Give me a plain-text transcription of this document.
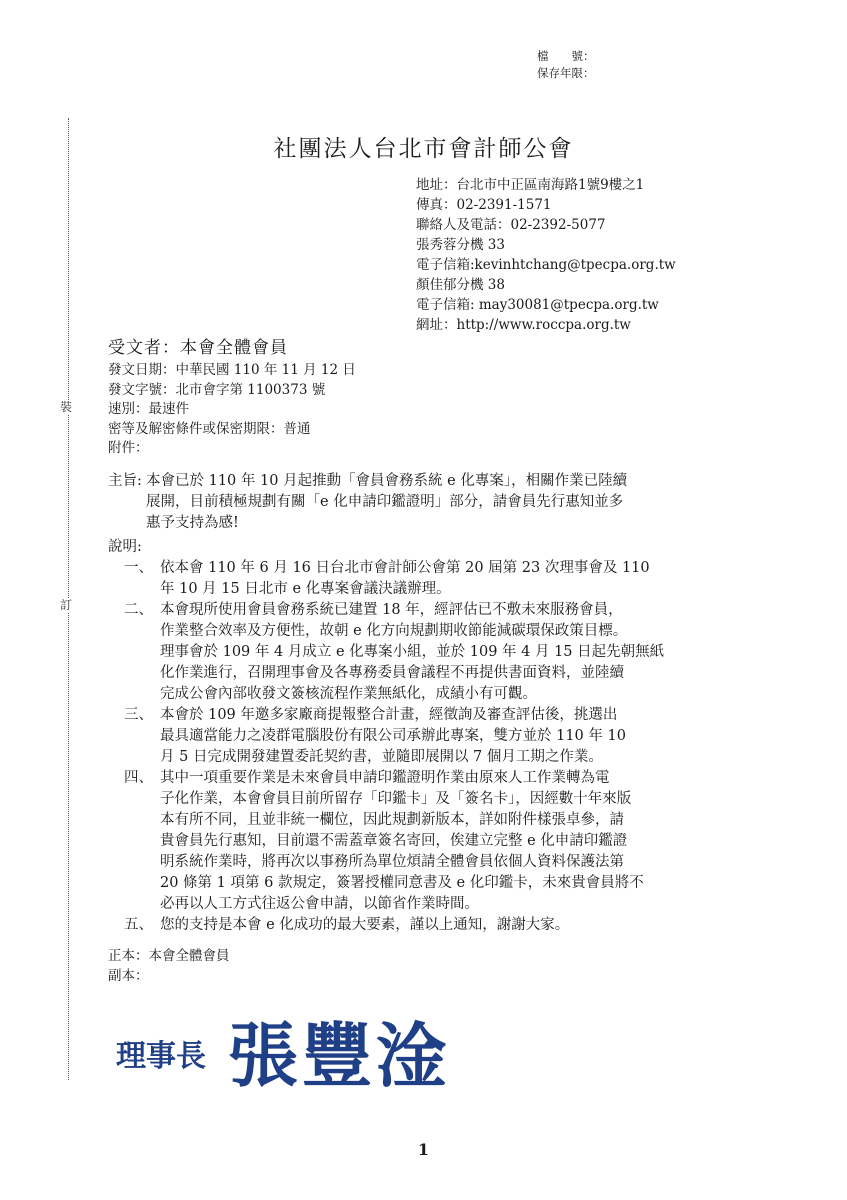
裝
訂
檔　　號：
保存年限：
社團法人台北市會計師公會
地址：台北市中正區南海路1號9樓之1
傳真：02-2391-1571
聯絡人及電話：02-2392-5077
張秀蓉分機 33
電子信箱:kevinhtchang@tpecpa.org.tw
顏佳郁分機 38
電子信箱: may30081@tpecpa.org.tw
網址：http://www.roccpa.org.tw
受文者：本會全體會員
發文日期：中華民國 110 年 11 月 12 日
發文字號：北市會字第 1100373 號
速別：最速件
密等及解密條件或保密期限：普通
附件：
主旨: 本會已於 110 年 10 月起推動「會員會務系統 e 化專案」，相關作業已陸續

展開，目前積極規劃有關「e 化申請印鑑證明」部分，請會員先行惠知並多

惠予支持為感!

說明:
一、 依本會 110 年 6 月 16 日台北市會計師公會第 20 屆第 23 次理事會及 110

年 10 月 15 日北市 e 化專案會議決議辦理。

二、 本會現所使用會員會務系統已建置 18 年，經評估已不敷未來服務會員，

作業整合效率及方便性，故朝 e 化方向規劃期收節能減碳環保政策目標。

理事會於 109 年 4 月成立 e 化專案小組，並於 109 年 4 月 15 日起先朝無紙

化作業進行，召開理事會及各專務委員會議程不再提供書面資料，並陸續

完成公會內部收發文簽核流程作業無紙化，成績小有可觀。

三、 本會於 109 年邀多家廠商提報整合計畫，經徵詢及審查評估後，挑選出

最具適當能力之凌群電腦股份有限公司承辦此專案，雙方並於 110 年 10

月 5 日完成開發建置委託契約書，並隨即展開以 7 個月工期之作業。

四、 其中一項重要作業是未來會員申請印鑑證明作業由原來人工作業轉為電

子化作業，本會會員目前所留存「印鑑卡」及「簽名卡」，因經數十年來版

本有所不同，且並非統一欄位，因此規劃新版本，詳如附件樣張卓參，請

貴會員先行惠知，目前還不需蓋章簽名寄回，俟建立完整 e 化申請印鑑證

明系統作業時，將再次以事務所為單位煩請全體會員依個人資料保護法第

20 條第 1 項第 6 款規定，簽署授權同意書及 e 化印鑑卡，未來貴會員將不

必再以人工方式往返公會申請，以節省作業時間。

五、 您的支持是本會 e 化成功的最大要素，謹以上通知，謝謝大家。

正本：本會全體會員
副本：
理事長 張豐淦
1
